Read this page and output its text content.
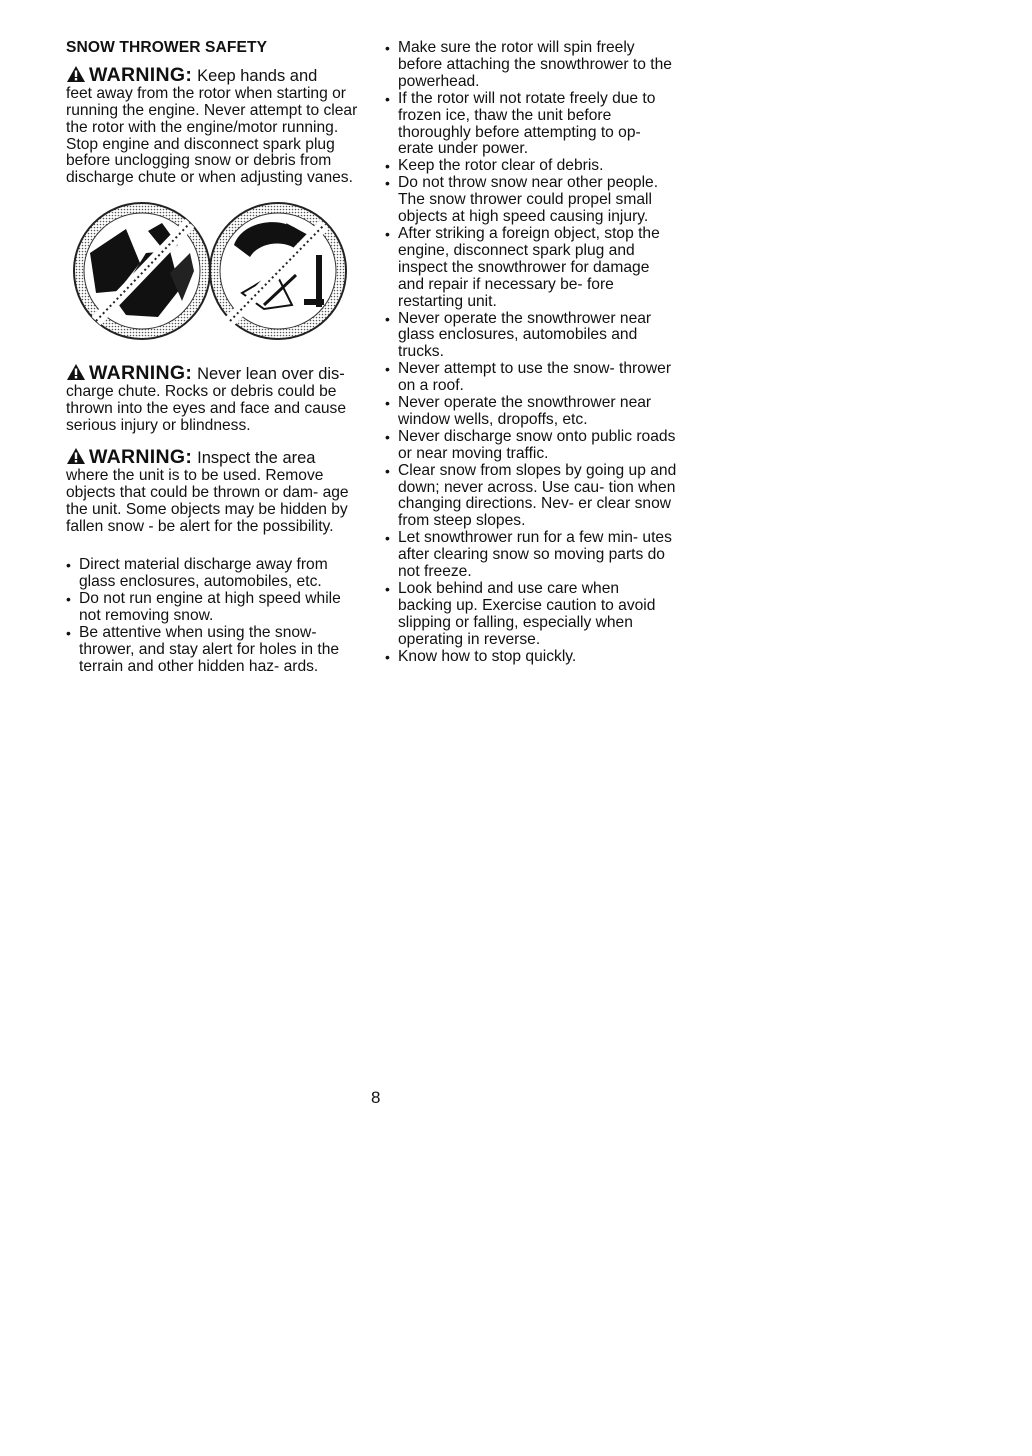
SNOW THROWER SAFETY
WARNING: Keep hands and
feet away from the rotor when starting or running the engine. Never attempt to clear the rotor with the engine/motor running. Stop engine and disconnect spark plug before unclogging snow or debris from discharge chute or when adjusting vanes.
WARNING: Never lean over dis-
charge chute. Rocks or debris could be thrown into the eyes and face and cause serious injury or blindness.
WARNING: Inspect the area
where the unit is to be used. Remove objects that could be thrown or dam- age the unit. Some objects may be hidden by fallen snow - be alert for the possibility.
• Direct material discharge away from glass enclosures, automobiles, etc.
• Do not run engine at high speed while not removing snow.
• Be attentive when using the snow- thrower, and stay alert for holes in the terrain and other hidden haz- ards.
• Make sure the rotor will spin freely before attaching the snowthrower to the powerhead.
• If the rotor will not rotate freely due to frozen ice, thaw the unit before thoroughly before attempting to op- erate under power.
• Keep the rotor clear of debris.
• Do not throw snow near other people. The snow thrower could propel small objects at high speed causing injury.
• After striking a foreign object, stop the engine, disconnect spark plug and inspect the snowthrower for damage and repair if necessary be- fore restarting unit.
• Never operate the snowthrower near glass enclosures, automobiles and trucks.
• Never attempt to use the snow- thrower on a roof.
• Never operate the snowthrower near window wells, dropoffs, etc.
• Never discharge snow onto public roads or near moving traffic.
• Clear snow from slopes by going up and down; never across. Use cau- tion when changing directions. Nev- er clear snow from steep slopes.
• Let snowthrower run for a few min- utes after clearing snow so moving parts do not freeze.
• Look behind and use care when backing up. Exercise caution to avoid slipping or falling, especially when operating in reverse.
• Know how to stop quickly.
8
